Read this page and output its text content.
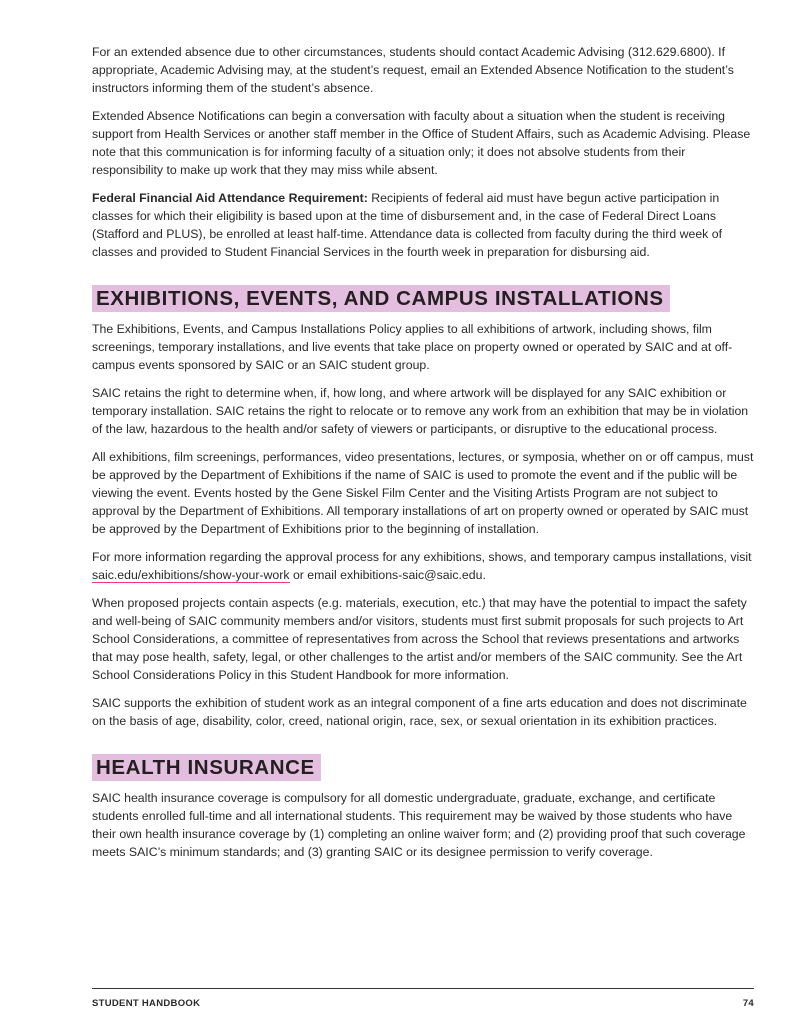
For an extended absence due to other circumstances, students should contact Academic Advising (312.629.6800). If appropriate, Academic Advising may, at the student’s request, email an Extended Absence Notification to the student’s instructors informing them of the student’s absence.

Extended Absence Notifications can begin a conversation with faculty about a situation when the student is receiving support from Health Services or another staff member in the Office of Student Affairs, such as Academic Advising. Please note that this communication is for informing faculty of a situation only; it does not absolve students from their responsibility to make up work that they may miss while absent.

Federal Financial Aid Attendance Requirement: Recipients of federal aid must have begun active participation in classes for which their eligibility is based upon at the time of disbursement and, in the case of Federal Direct Loans (Stafford and PLUS), be enrolled at least half-time. Attendance data is collected from faculty during the third week of classes and provided to Student Financial Services in the fourth week in preparation for disbursing aid.

EXHIBITIONS, EVENTS, AND CAMPUS INSTALLATIONS

The Exhibitions, Events, and Campus Installations Policy applies to all exhibitions of artwork, including shows, film screenings, temporary installations, and live events that take place on property owned or operated by SAIC and at off-campus events sponsored by SAIC or an SAIC student group.

SAIC retains the right to determine when, if, how long, and where artwork will be displayed for any SAIC exhibition or temporary installation. SAIC retains the right to relocate or to remove any work from an exhibition that may be in violation of the law, hazardous to the health and/or safety of viewers or participants, or disruptive to the educational process.

All exhibitions, film screenings, performances, video presentations, lectures, or symposia, whether on or off campus, must be approved by the Department of Exhibitions if the name of SAIC is used to promote the event and if the public will be viewing the event. Events hosted by the Gene Siskel Film Center and the Visiting Artists Program are not subject to approval by the Department of Exhibitions. All temporary installations of art on property owned or operated by SAIC must be approved by the Department of Exhibitions prior to the beginning of installation.

For more information regarding the approval process for any exhibitions, shows, and temporary campus installations, visit saic.edu/exhibitions/show-your-work or email exhibitions-saic@saic.edu.

When proposed projects contain aspects (e.g. materials, execution, etc.) that may have the potential to impact the safety and well-being of SAIC community members and/or visitors, students must first submit proposals for such projects to Art School Considerations, a committee of representatives from across the School that reviews presentations and artworks that may pose health, safety, legal, or other challenges to the artist and/or members of the SAIC community. See the Art School Considerations Policy in this Student Handbook for more information.

SAIC supports the exhibition of student work as an integral component of a fine arts education and does not discriminate on the basis of age, disability, color, creed, national origin, race, sex, or sexual orientation in its exhibition practices.

HEALTH INSURANCE

SAIC health insurance coverage is compulsory for all domestic undergraduate, graduate, exchange, and certificate students enrolled full-time and all international students. This requirement may be waived by those students who have their own health insurance coverage by (1) completing an online waiver form; and (2) providing proof that such coverage meets SAIC’s minimum standards; and (3) granting SAIC or its designee permission to verify coverage.

STUDENT HANDBOOK	74
